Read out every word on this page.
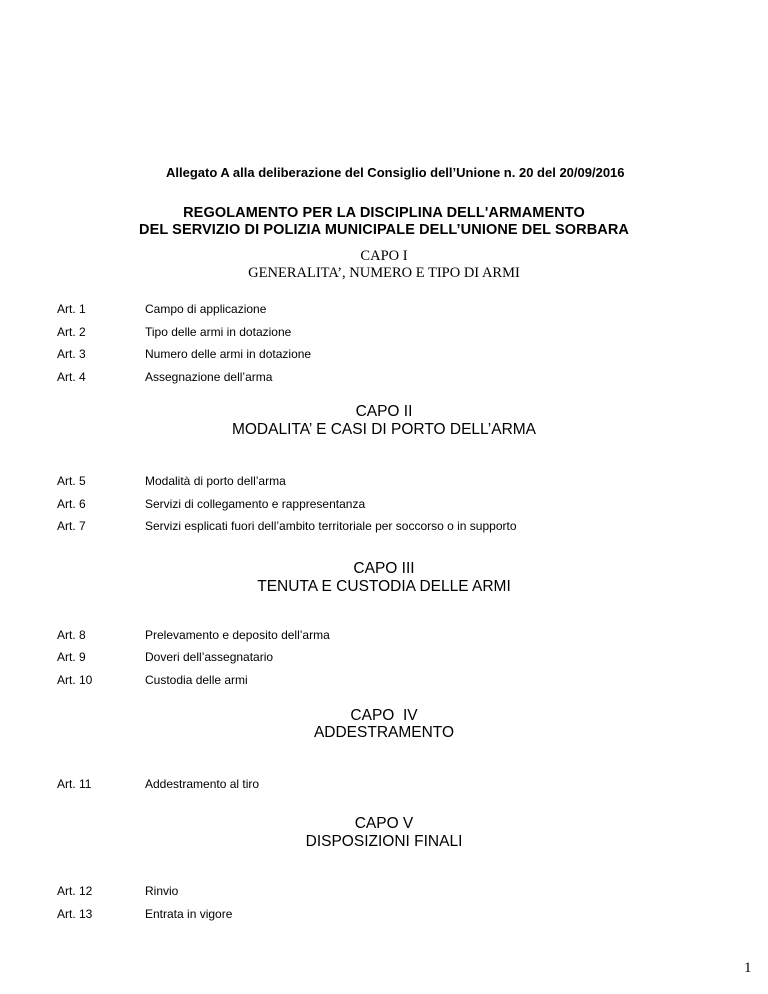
Allegato A alla deliberazione del Consiglio dell’Unione n. 20 del 20/09/2016
REGOLAMENTO PER LA DISCIPLINA DELL'ARMAMENTO
DEL SERVIZIO DI POLIZIA MUNICIPALE DELL’UNIONE DEL SORBARA
CAPO I
GENERALITA’, NUMERO E TIPO DI ARMI
Art. 1	Campo di applicazione
Art. 2	Tipo delle armi in dotazione
Art. 3	Numero delle armi in dotazione
Art. 4	Assegnazione dell’arma
CAPO II
MODALITA’ E CASI DI PORTO DELL’ARMA
Art. 5	Modalità di porto dell’arma
Art. 6	Servizi di collegamento e rappresentanza
Art. 7	Servizi esplicati fuori dell’ambito territoriale per soccorso o in supporto
CAPO III
TENUTA E CUSTODIA DELLE ARMI
Art. 8	Prelevamento e deposito dell’arma
Art. 9	Doveri dell’assegnatario
Art. 10	Custodia delle armi
CAPO  IV
ADDESTRAMENTO
Art. 11	Addestramento al tiro
CAPO V
DISPOSIZIONI FINALI
Art. 12	Rinvio
Art. 13	Entrata in vigore
1
